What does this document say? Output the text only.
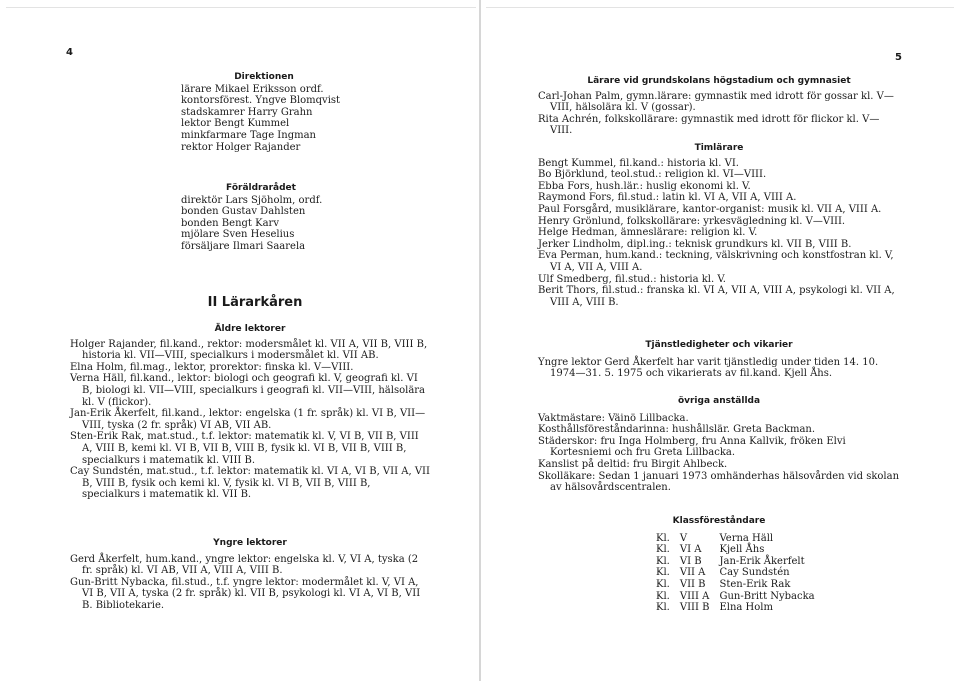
4
Direktionen
lärare Mikael Eriksson ordf.
kontorsförest. Yngve Blomqvist
stadskamrer Harry Grahn
lektor Bengt Kummel
minkfarmare Tage Ingman
rektor Holger Rajander
Föräldrarådet
direktör Lars Sjöholm, ordf.
bonden Gustav Dahlsten
bonden Bengt Karv
mjölare Sven Heselius
försäljare Ilmari Saarela
II Lärarkåren
Äldre lektorer
Holger Rajander, fil.kand., rektor: modersmålet kl. VII A, VII B, VIII B, historia kl. VII—VIII, specialkurs i modersmålet kl. VII AB.
Elna Holm, fil.mag., lektor, prorektor: finska kl. V—VIII.
Verna Häll, fil.kand., lektor: biologi och geografi kl. V, geografi kl. VI B, biologi kl. VII—VIII, specialkurs i geografi kl. VII—VIII, hälsolära kl. V (flickor).
Jan-Erik Åkerfelt, fil.kand., lektor: engelska (1 fr. språk) kl. VI B, VII—VIII, tyska (2 fr. språk) VI AB, VII AB.
Sten-Erik Rak, mat.stud., t.f. lektor: matematik kl. V, VI B, VII B, VIII A, VIII B, kemi kl. VI B, VII B, VIII B, fysik kl. VI B, VII B, VIII B, specialkurs i matematik kl. VIII B.
Cay Sundstén, mat.stud., t.f. lektor: matematik kl. VI A, VI B, VII A, VII B, VIII B, fysik och kemi kl. V, fysik kl. VI B, VII B, VIII B, specialkurs i matematik kl. VII B.
Yngre lektorer
Gerd Åkerfelt, hum.kand., yngre lektor: engelska kl. V, VI A, tyska (2 fr. språk) kl. VI AB, VII A, VIII A, VIII B.
Gun-Britt Nybacka, fil.stud., t.f. yngre lektor: modermålet kl. V, VI A, VI B, VII A, tyska (2 fr. språk) kl. VII B, psykologi kl. VI A, VI B, VII B. Bibliotekarie.
5
Lärare vid grundskolans högstadium och gymnasiet
Carl-Johan Palm, gymn.lärare: gymnastik med idrott för gossar kl. V—VIII, hälsolära kl. V (gossar).
Rita Achrén, folkskollärare: gymnastik med idrott för flickor kl. V—VIII.
Timlärare
Bengt Kummel, fil.kand.: historia kl. VI.
Bo Björklund, teol.stud.: religion kl. VI—VIII.
Ebba Fors, hush.lär.: huslig ekonomi kl. V.
Raymond Fors, fil.stud.: latin kl. VI A, VII A, VIII A.
Paul Forsgård, musiklärare, kantor-organist: musik kl. VII A, VIII A.
Henry Grönlund, folkskollärare: yrkesvägledning kl. V—VIII.
Helge Hedman, ämneslärare: religion kl. V.
Jerker Lindholm, dipl.ing.: teknisk grundkurs kl. VII B, VIII B.
Eva Perman, hum.kand.: teckning, välskrivning och konstfostran kl. V, VI A, VII A, VIII A.
Ulf Smedberg, fil.stud.: historia kl. V.
Berit Thors, fil.stud.: franska kl. VI A, VII A, VIII A, psykologi kl. VII A, VIII A, VIII B.
Tjänstledigheter och vikarier
Yngre lektor Gerd Åkerfelt har varit tjänstledig under tiden 14. 10. 1974—31. 5. 1975 och vikarierats av fil.kand. Kjell Åhs.
övriga anställda
Vaktmästare: Väinö Lillbacka.
Kosthållsföreståndarinna: hushållslär. Greta Backman.
Städerskor: fru Inga Holmberg, fru Anna Kallvik, fröken Elvi Kortesniemi och fru Greta Lillbacka.
Kanslist på deltid: fru Birgit Ahlbeck.
Skolläkare: Sedan 1 januari 1973 omhänderhas hälsovården vid skolan av hälsovårdscentralen.
Klassföreståndare
Kl.	V	Verna Häll
Kl.	VI A	Kjell Åhs
Kl.	VI B	Jan-Erik Åkerfelt
Kl.	VII A	Cay Sundstén
Kl.	VII B	Sten-Erik Rak
Kl.	VIII A	Gun-Britt Nybacka
Kl.	VIII B	Elna Holm
